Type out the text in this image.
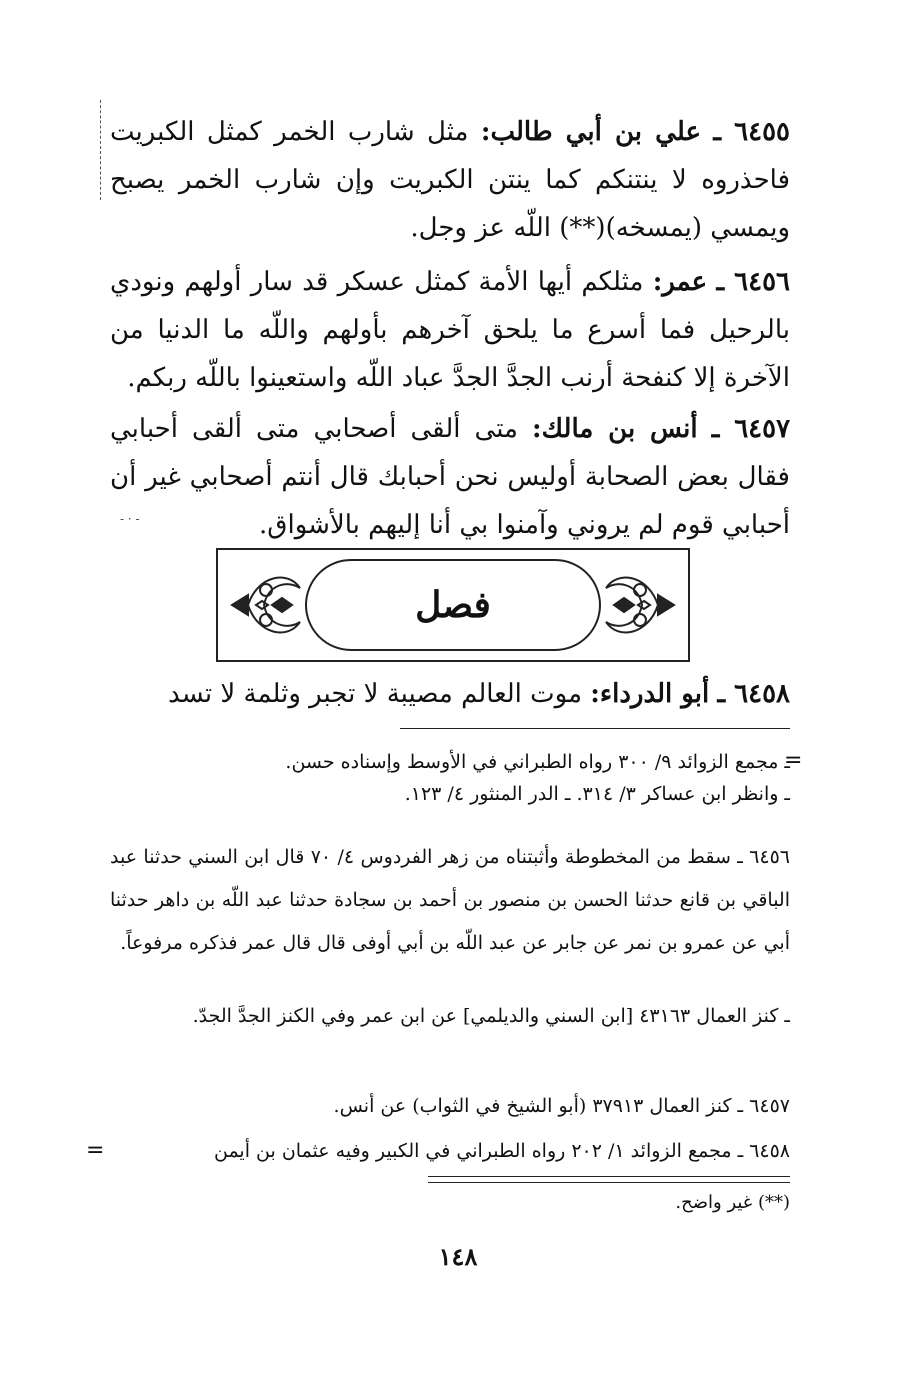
- · -

٦٤٥٥ ـ علي بن أبي طالب: مثل شارب الخمر كمثل الكبريت فاحذروه لا ينتنكم كما ينتن الكبريت وإن شارب الخمر يصبح ويمسي (يمسخه)(**) اللّه عز وجل.

٦٤٥٦ ـ عمر: مثلكم أيها الأمة كمثل عسكر قد سار أولهم ونودي بالرحيل فما أسرع ما يلحق آخرهم بأولهم واللّه ما الدنيا من الآخرة إلا كنفحة أرنب الجدَّ الجدَّ عباد اللّه واستعينوا باللّه ربكم.

٦٤٥٧ ـ أنس بن مالك: متى ألقى أصحابي متى ألقى أحبابي فقال بعض الصحابة أوليس نحن أحبابك قال أنتم أصحابي غير أن أحبابي قوم لم يروني وآمنوا بي أنا إليهم بالأشواق.

فصل

٦٤٥٨ ـ أبو الدرداء: موت العالم مصيبة لا تجبر وثلمة لا تسد

=
=

ـ مجمع الزوائد ٩/ ٣٠٠ رواه الطبراني في الأوسط وإسناده حسن.

ـ وانظر ابن عساكر ٣/ ٣١٤. ـ الدر المنثور ٤/ ١٢٣.

٦٤٥٦ ـ سقط من المخطوطة وأثبتناه من زهر الفردوس ٤/ ٧٠ قال ابن السني حدثنا عبد الباقي بن قانع حدثنا الحسن بن منصور بن أحمد بن سجادة حدثنا عبد اللّه بن داهر حدثنا أبي عن عمرو بن نمر عن جابر عن عبد اللّه بن أبي أوفى قال قال عمر فذكره مرفوعاً.

ـ كنز العمال ٤٣١٦٣ [ابن السني والديلمي] عن ابن عمر وفي الكنز الجدَّ الجدّ.

٦٤٥٧ ـ كنز العمال ٣٧٩١٣ (أبو الشيخ في الثواب) عن أنس.

٦٤٥٨ ـ مجمع الزوائد ١/ ٢٠٢ رواه الطبراني في الكبير وفيه عثمان بن أيمن

(**) غير واضح.
١٤٨
